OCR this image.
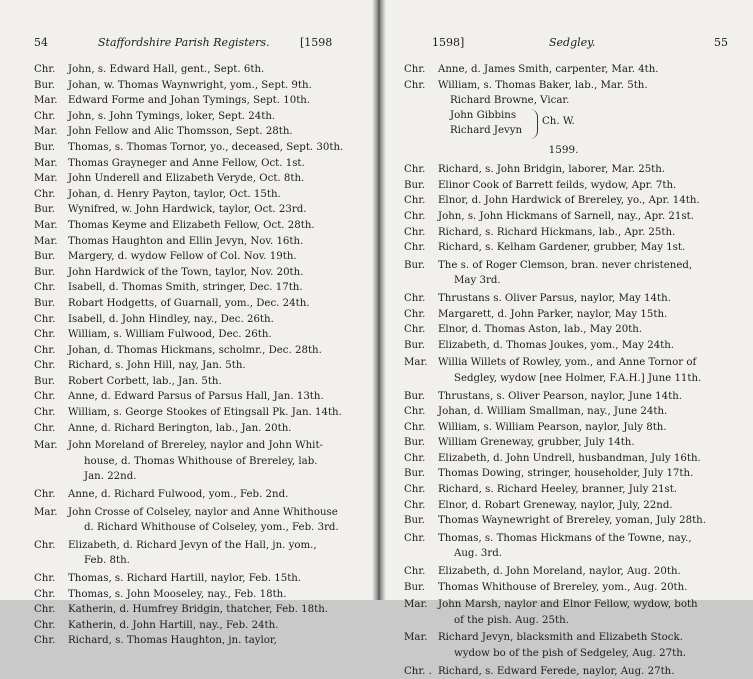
54	Staffordshire Parish Registers.	[1598
Chr.	John, s. Edward Hall, gent., Sept. 6th.
Bur.	Johan, w. Thomas Waynwright, yom., Sept. 9th.
Mar.	Edward Forme and Johan Tymings, Sept. 10th.
Chr.	John, s. John Tymings, loker, Sept. 24th.
Mar.	John Fellow and Alic Thomsson, Sept. 28th.
Bur.	Thomas, s. Thomas Tornor, yo., deceased, Sept. 30th.
Mar.	Thomas Grayneger and Anne Fellow, Oct. 1st.
Mar.	John Underell and Elizabeth Veryde, Oct. 8th.
Chr.	Johan, d. Henry Payton, taylor, Oct. 15th.
Bur.	Wynifred, w. John Hardwick, taylor, Oct. 23rd.
Mar.	Thomas Keyme and Elizabeth Fellow, Oct. 28th.
Mar.	Thomas Haughton and Ellin Jevyn, Nov. 16th.
Bur.	Margery, d. wydow Fellow of Col. Nov. 19th.
Bur.	John Hardwick of the Town, taylor, Nov. 20th.
Chr.	Isabell, d. Thomas Smith, stringer, Dec. 17th.
Bur.	Robart Hodgetts, of Guarnall, yom., Dec. 24th.
Chr.	Isabell, d. John Hindley, nay., Dec. 26th.
Chr.	William, s. William Fulwood, Dec. 26th.
Chr.	Johan, d. Thomas Hickmans, scholmr., Dec. 28th.
Chr.	Richard, s. John Hill, nay, Jan. 5th.
Bur.	Robert Corbett, lab., Jan. 5th.
Chr.	Anne, d. Edward Parsus of Parsus Hall, Jan. 13th.
Chr.	William, s. George Stookes of Etingsall Pk. Jan. 14th.
Chr.	Anne, d. Richard Berington, lab., Jan. 20th.
Mar.	John Moreland of Brereley, naylor and John Whit-
house, d. Thomas Whithouse of Brereley, lab.
Jan. 22nd.
Chr.	Anne, d. Richard Fulwood, yom., Feb. 2nd.
Mar.	John Crosse of Colseley, naylor and Anne Whithouse
d. Richard Whithouse of Colseley, yom., Feb. 3rd.
Chr.	Elizabeth, d. Richard Jevyn of the Hall, jn. yom.,
Feb. 8th.
Chr.	Thomas, s. Richard Hartill, naylor, Feb. 15th.
Chr.	Thomas, s. John Mooseley, nay., Feb. 18th.
Chr.	Katherin, d. Humfrey Bridgin, thatcher, Feb. 18th.
Chr.	Katherin, d. John Hartill, nay., Feb. 24th.
Chr.	Richard, s. Thomas Haughton, jn. taylor,
1598]	Sedgley.	55
Chr.	Anne, d. James Smith, carpenter, Mar. 4th.
Chr.	William, s. Thomas Baker, lab., Mar. 5th.
Richard Browne, Vicar.
John Gibbins
Richard Jevyn
Ch. W.
1599.
Chr.	Richard, s. John Bridgin, laborer, Mar. 25th.
Bur.	Elinor Cook of Barrett feilds, wydow, Apr. 7th.
Chr.	Elnor, d. John Hardwick of Brereley, yo., Apr. 14th.
Chr.	John, s. John Hickmans of Sarnell, nay., Apr. 21st.
Chr.	Richard, s. Richard Hickmans, lab., Apr. 25th.
Chr.	Richard, s. Kelham Gardener, grubber, May 1st.
Bur.	The s. of Roger Clemson, bran. never christened,
May 3rd.
Chr.	Thrustans s. Oliver Parsus, naylor, May 14th.
Chr.	Margarett, d. John Parker, naylor, May 15th.
Chr.	Elnor, d. Thomas Aston, lab., May 20th.
Bur.	Elizabeth, d. Thomas Joukes, yom., May 24th.
Mar.	Willia Willets of Rowley, yom., and Anne Tornor of
Sedgley, wydow [nee Holmer, F.A.H.] June 11th.
Bur.	Thrustans, s. Oliver Pearson, naylor, June 14th.
Chr.	Johan, d. William Smallman, nay., June 24th.
Chr.	William, s. William Pearson, naylor, July 8th.
Bur.	William Greneway, grubber, July 14th.
Chr.	Elizabeth, d. John Undrell, husbandman, July 16th.
Bur.	Thomas Dowing, stringer, householder, July 17th.
Chr.	Richard, s. Richard Heeley, branner, July 21st.
Chr.	Elnor, d. Robart Greneway, naylor, July, 22nd.
Bur.	Thomas Waynewright of Brereley, yoman, July 28th.
Chr.	Thomas, s. Thomas Hickmans of the Towne, nay.,
Aug. 3rd.
Chr.	Elizabeth, d. John Moreland, naylor, Aug. 20th.
Bur.	Thomas Whithouse of Brereley, yom., Aug. 20th.
Mar.	John Marsh, naylor and Elnor Fellow, wydow, both
of the pish. Aug. 25th.
Mar.	Richard Jevyn, blacksmith and Elizabeth Stock.
wydow bo of the pish of Sedgeley, Aug. 27th.
Chr. . Richard, s. Edward Ferede, naylor, Aug. 27th.
